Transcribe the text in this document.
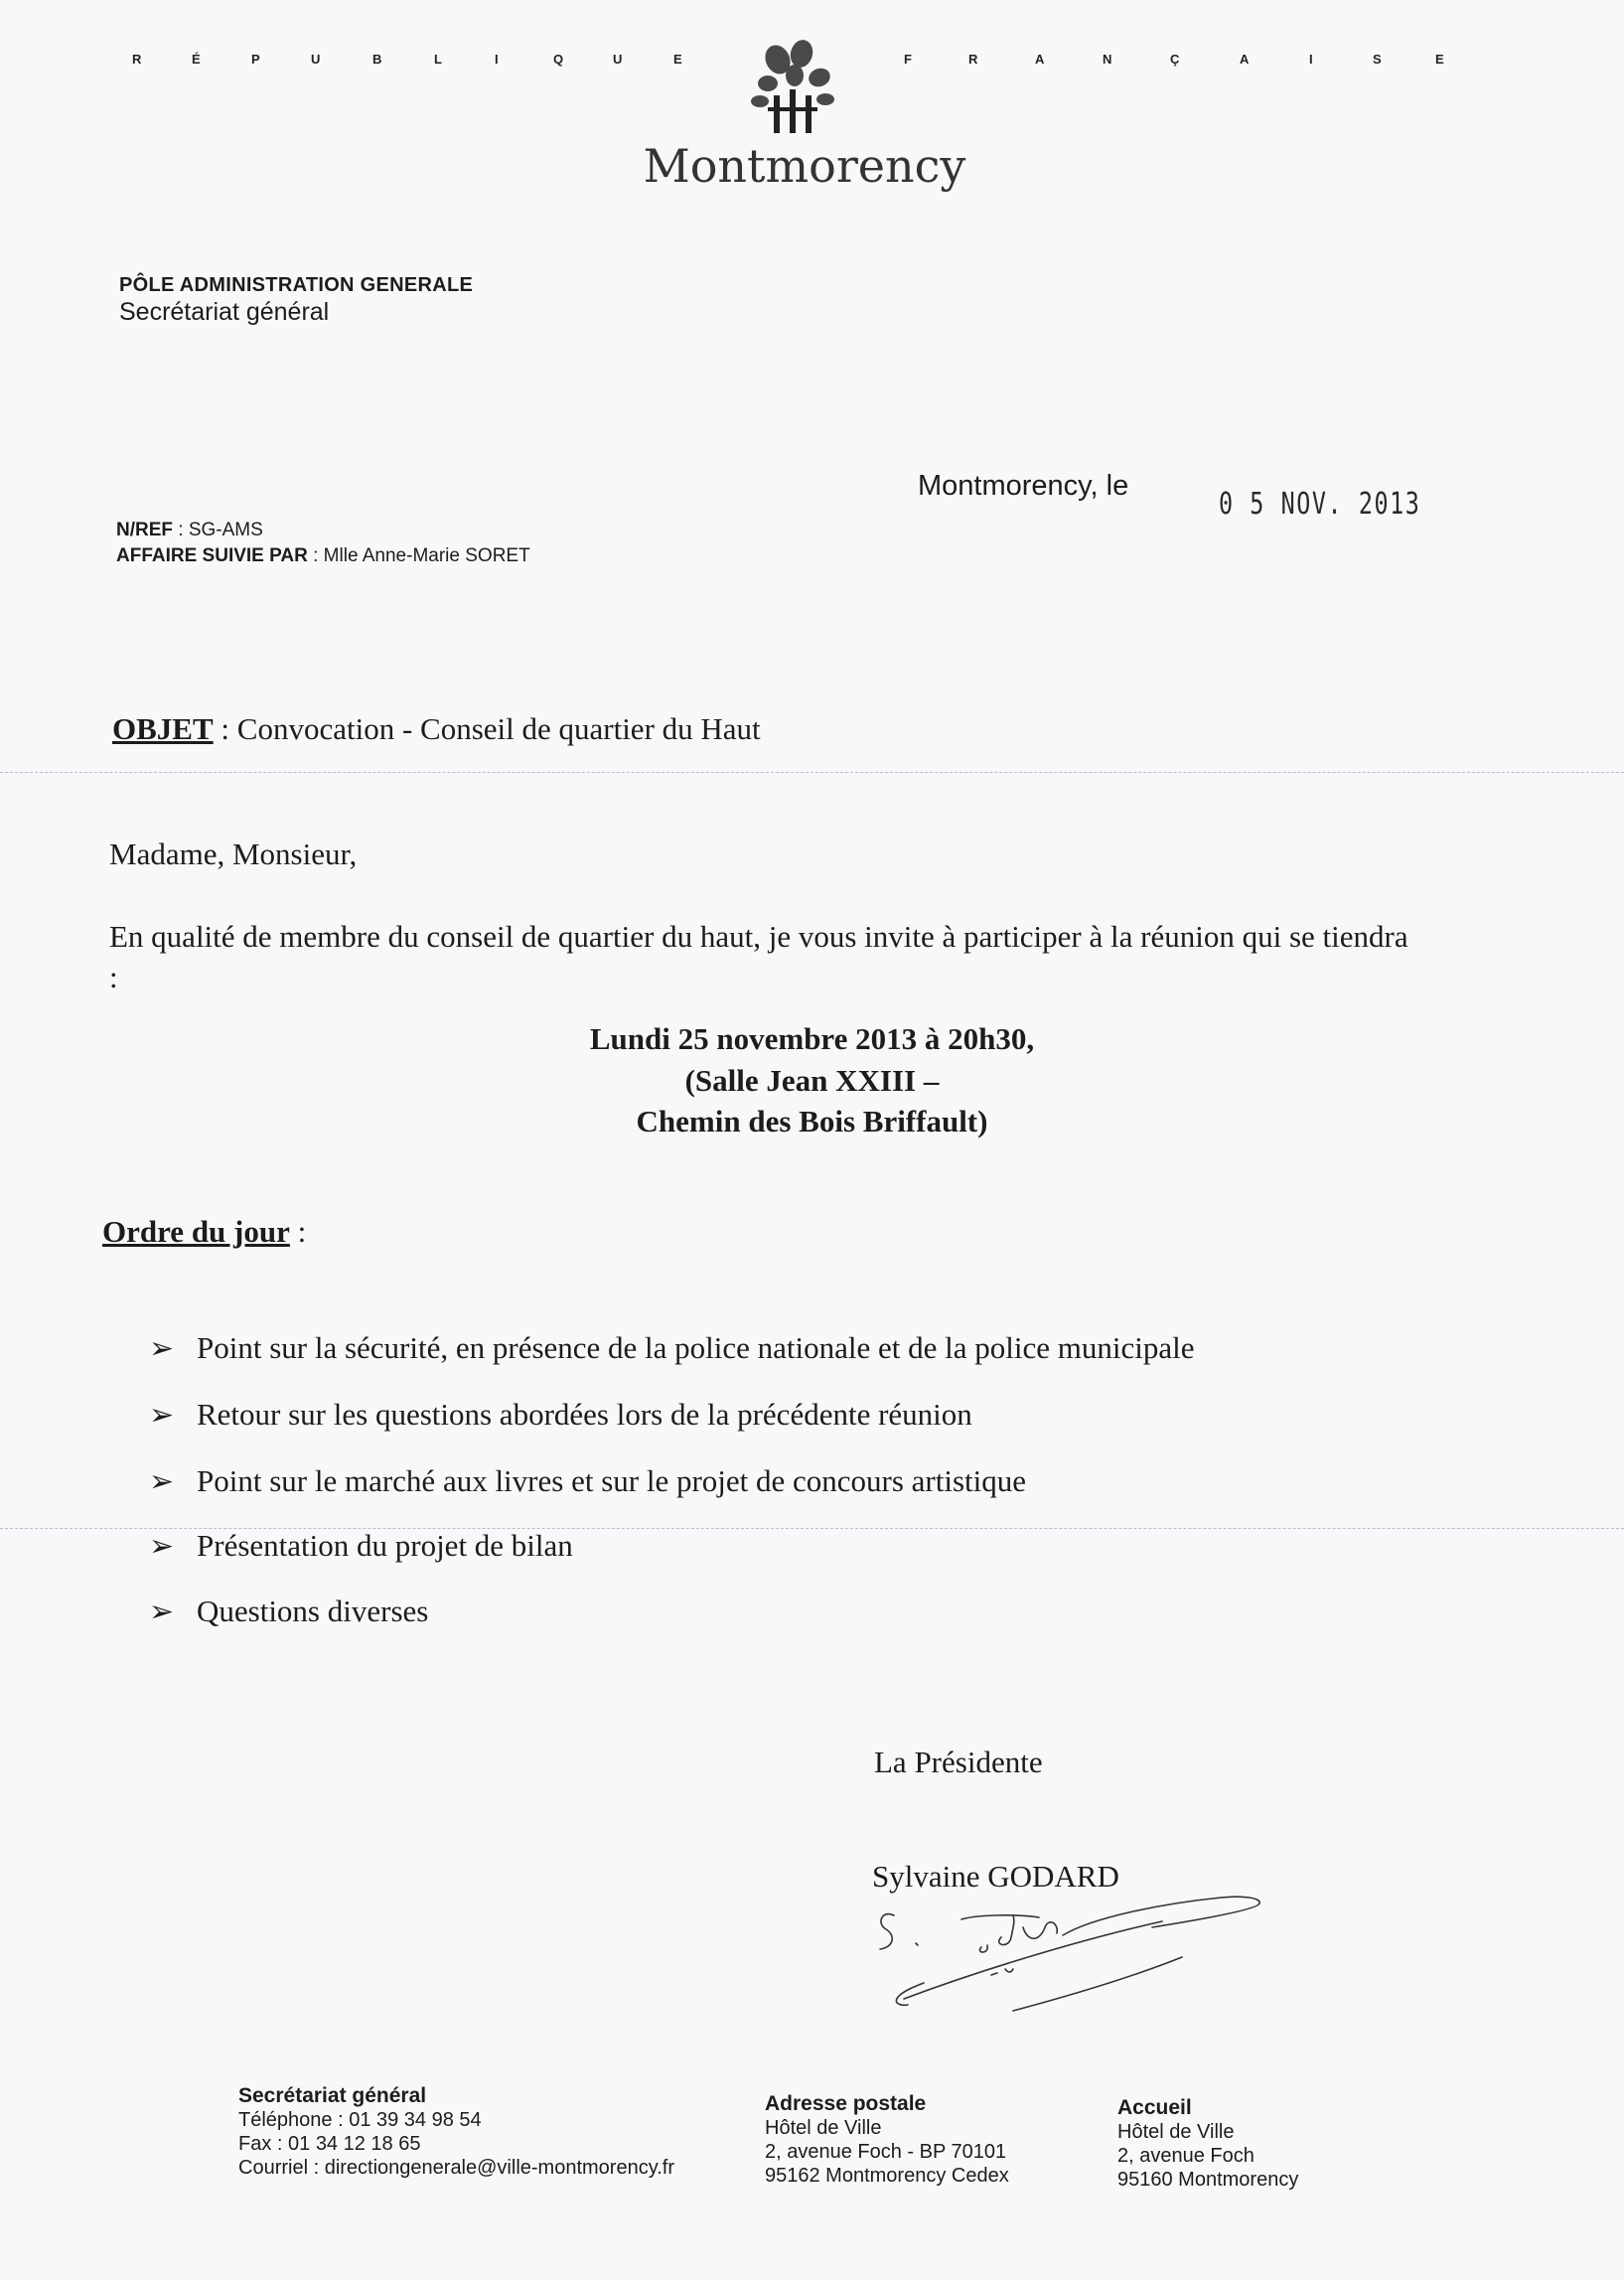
R	É	P	U	B	L	I	Q	U	E	F	R	A	N	Ç	A	I	S	E
Montmorency
PÔLE ADMINISTRATION GENERALE
Secrétariat général
Montmorency, le
0 5 NOV. 2013
N/REF : SG-AMS
AFFAIRE SUIVIE PAR : Mlle Anne-Marie SORET
OBJET : Convocation - Conseil de quartier du Haut
Madame, Monsieur,
En qualité de membre du conseil de quartier du haut, je vous invite à participer à la réunion qui se tiendra :
Lundi 25 novembre 2013 à 20h30,
(Salle Jean XXIII –
Chemin des Bois Briffault)
Ordre du jour :
➢ Point sur la sécurité, en présence de la police nationale et de la police municipale
➢ Retour sur les questions abordées lors de la précédente réunion
➢ Point sur le marché aux livres et sur le projet de concours artistique
➢ Présentation du projet de bilan
➢ Questions diverses
La Présidente
Sylvaine GODARD
Secrétariat général
Téléphone : 01 39 34 98 54
Fax : 01 34 12 18 65
Courriel : directiongenerale@ville-montmorency.fr
Adresse postale
Hôtel de Ville
2, avenue Foch - BP 70101
95162 Montmorency Cedex
Accueil
Hôtel de Ville
2, avenue Foch
95160 Montmorency
